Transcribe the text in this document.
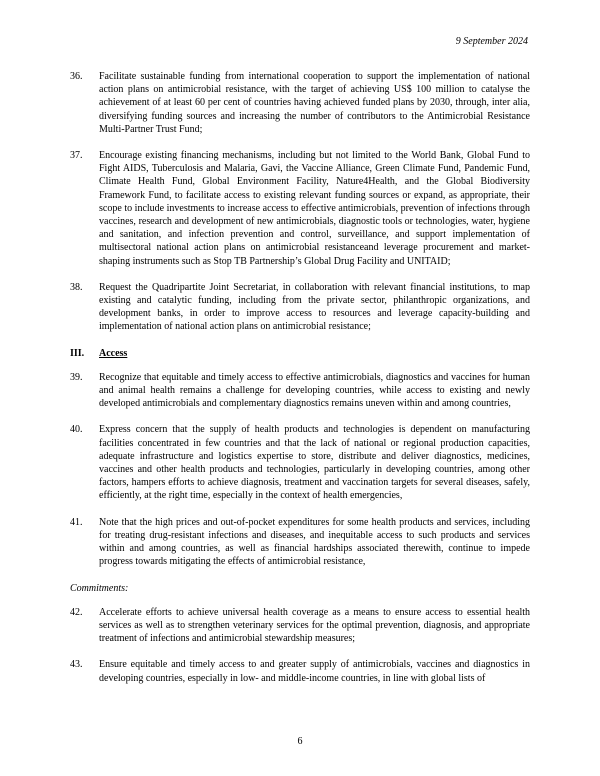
9 September 2024
36.	Facilitate sustainable funding from international cooperation to support the implementation of national action plans on antimicrobial resistance, with the target of achieving US$ 100 million to catalyse the achievement of at least 60 per cent of countries having achieved funded plans by 2030, through, inter alia, diversifying funding sources and increasing the number of contributors to the Antimicrobial Resistance Multi-Partner Trust Fund;
37.	Encourage existing financing mechanisms, including but not limited to the World Bank, Global Fund to Fight AIDS, Tuberculosis and Malaria, Gavi, the Vaccine Alliance, Green Climate Fund, Pandemic Fund, Climate Health Fund, Global Environment Facility, Nature4Health, and the Global Biodiversity Framework Fund, to facilitate access to existing relevant funding sources or expand, as appropriate, their scope to include investments to increase access to effective antimicrobials, prevention of infections through vaccines, research and development of new antimicrobials, diagnostic tools or technologies, water, hygiene and sanitation, and infection prevention and control, surveillance, and support implementation of multisectoral national action plans on antimicrobial resistanceand leverage procurement and market-shaping instruments such as Stop TB Partnership’s Global Drug Facility and UNITAID;
38.	Request the Quadripartite Joint Secretariat, in collaboration with relevant financial institutions, to map existing and catalytic funding, including from the private sector, philanthropic organizations, and development banks, in order to improve access to resources and leverage capacity-building and implementation of national action plans on antimicrobial resistance;
III.	Access
39.	Recognize that equitable and timely access to effective antimicrobials, diagnostics and vaccines for human and animal health remains a challenge for developing countries, while access to existing and newly developed antimicrobials and complementary diagnostics remains uneven within and among countries,
40.	Express concern that the supply of health products and technologies is dependent on manufacturing facilities concentrated in few countries and that the lack of national or regional production capacities, adequate infrastructure and logistics expertise to store, distribute and deliver diagnostics, medicines, vaccines and other health products and technologies, particularly in developing countries, among other factors, hampers efforts to achieve diagnosis, treatment and vaccination targets for several diseases, safely, efficiently, at the right time, especially in the context of health emergencies,
41.	Note that the high prices and out-of-pocket expenditures for some health products and services, including for treating drug-resistant infections and diseases, and inequitable access to such products and services within and among countries, as well as financial hardships associated therewith, continue to impede progress towards mitigating the effects of antimicrobial resistance,
Commitments:
42.	Accelerate efforts to achieve universal health coverage as a means to ensure access to essential health services as well as to strengthen veterinary services for the optimal prevention, diagnosis, and appropriate treatment of infections and antimicrobial stewardship measures;
43.	Ensure equitable and timely access to and greater supply of antimicrobials, vaccines and diagnostics in developing countries, especially in low- and middle-income countries, in line with global lists of
6
